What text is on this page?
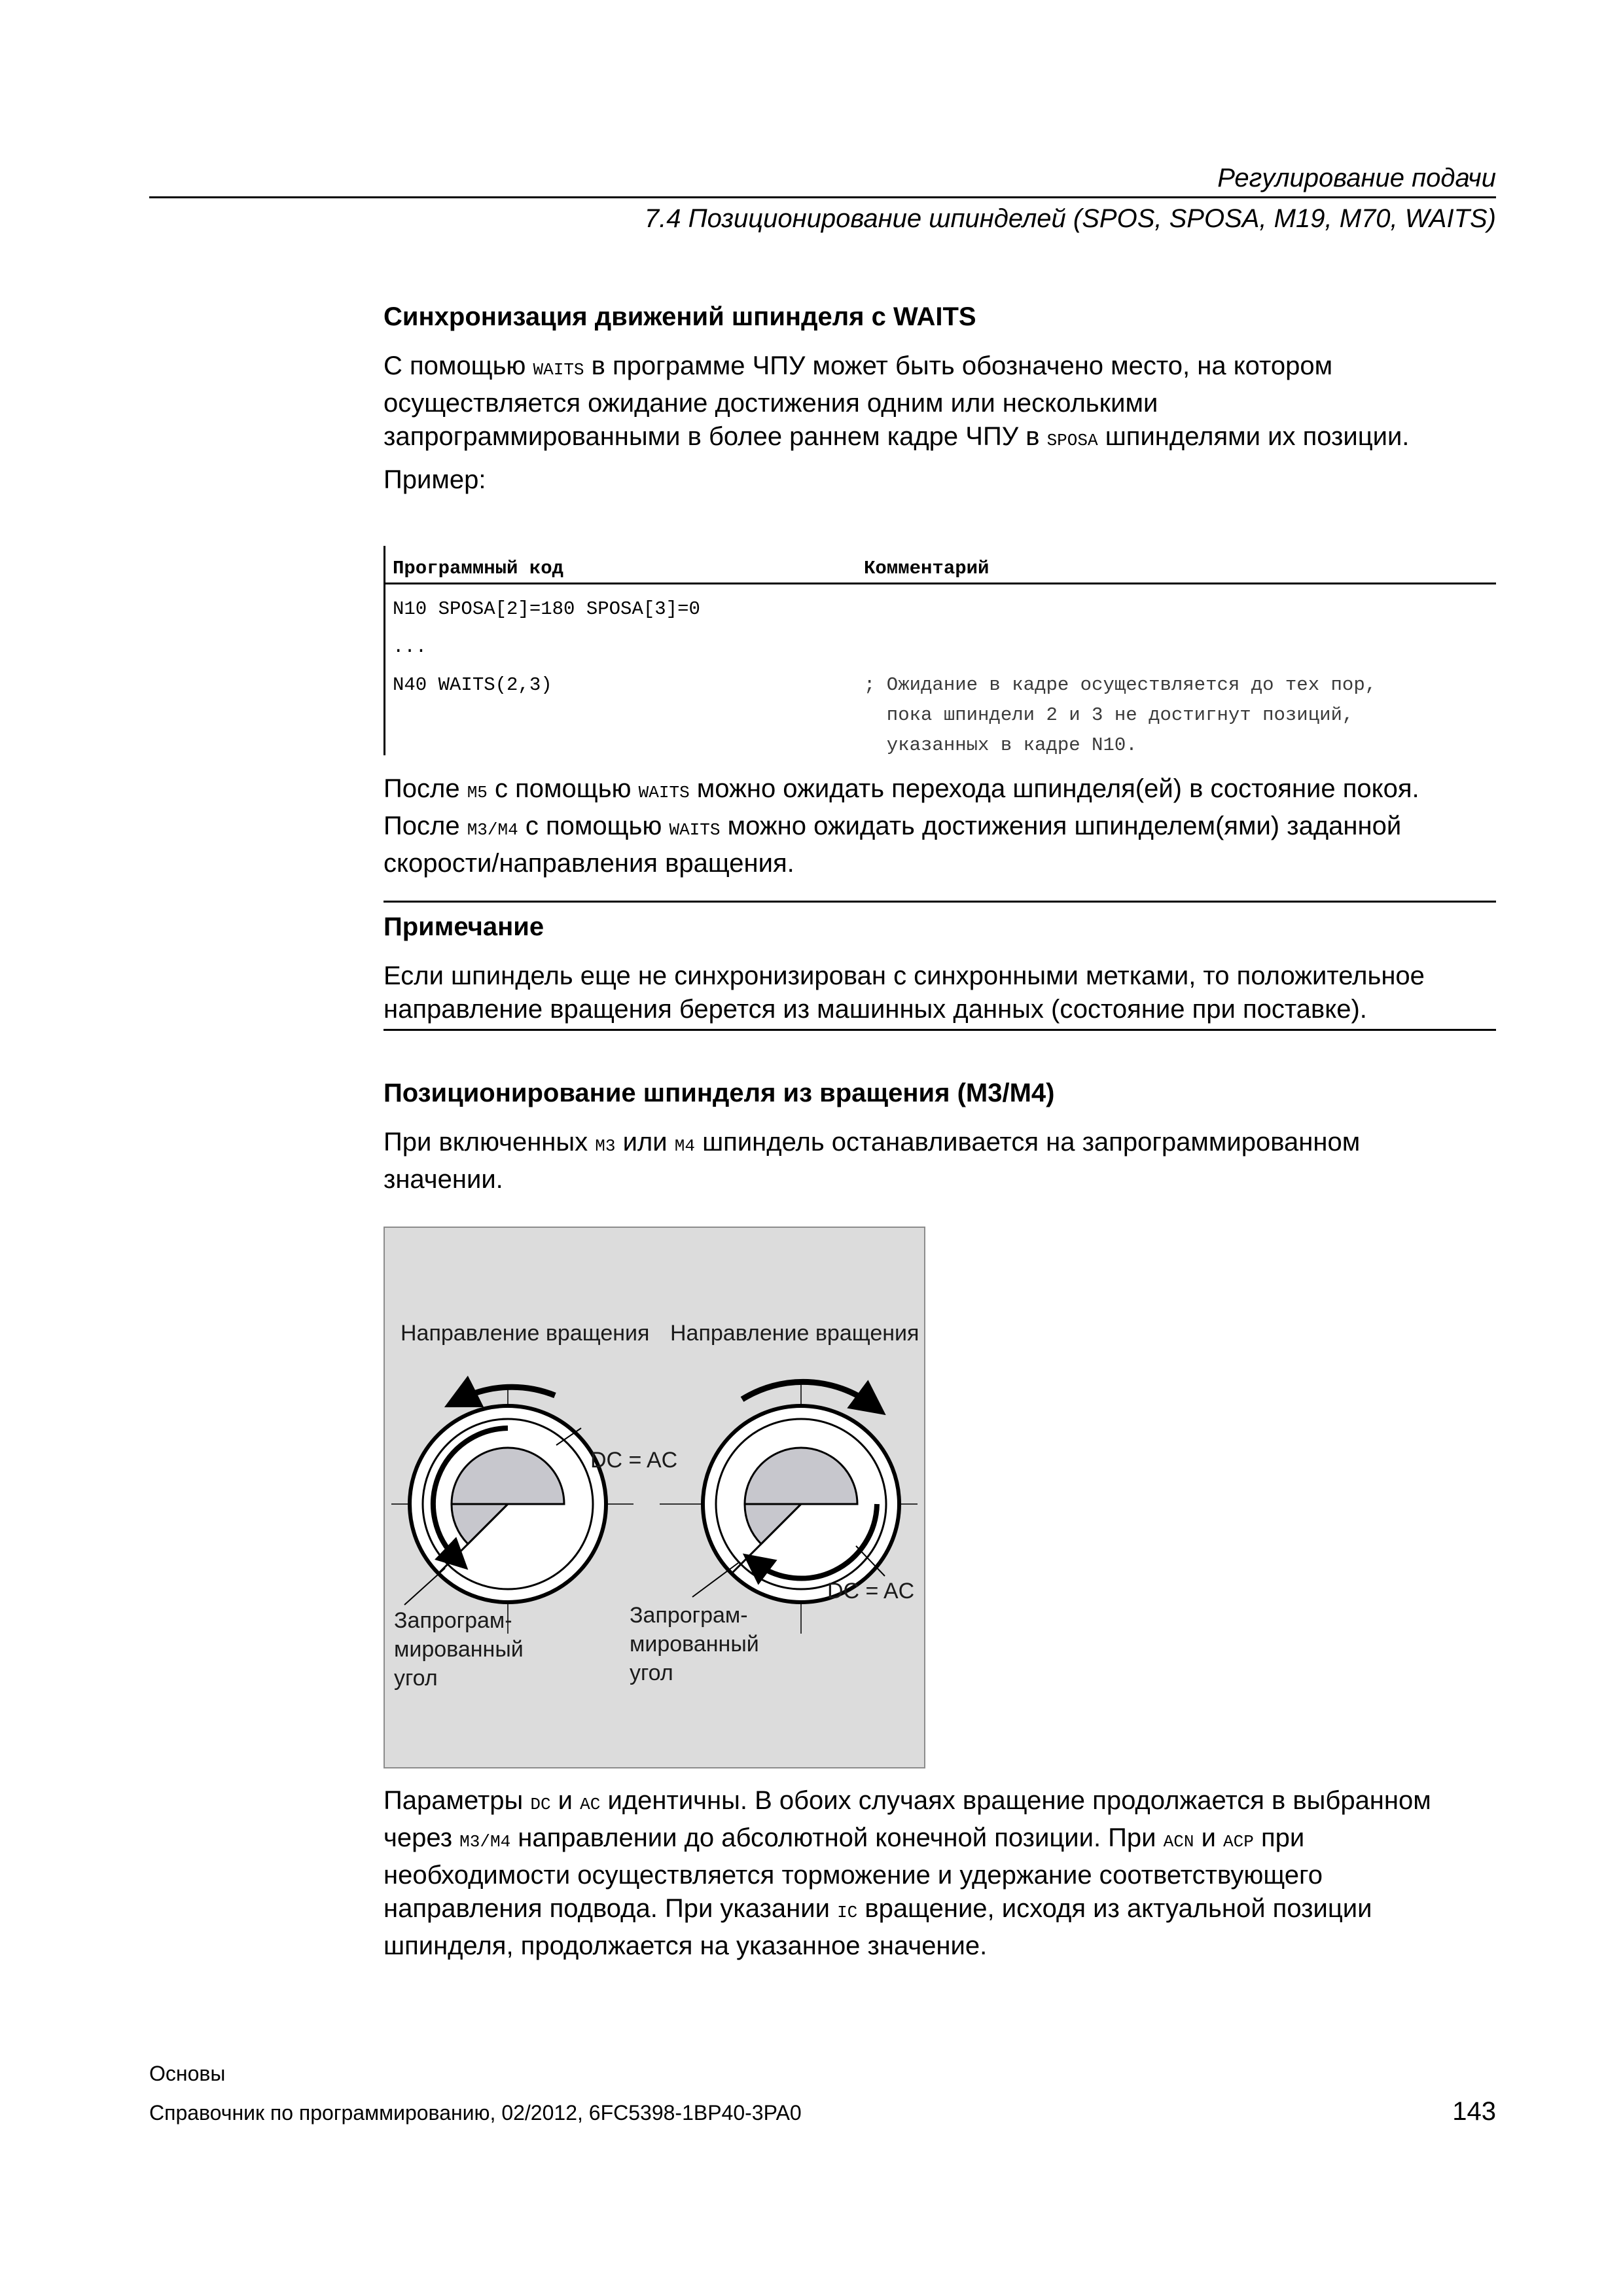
Регулирование подачи
7.4 Позиционирование шпинделей (SPOS, SPOSA, M19, M70, WAITS)
Синхронизация движений шпинделя с WAITS
С помощью WAITS в программе ЧПУ может быть обозначено место, на котором
осуществляется ожидание достижения одним или несколькими
запрограммированными в более раннем кадре ЧПУ в SPOSA шпинделями их позиции.
Пример:
Программный код	Комментарий
N10 SPOSA[2]=180 SPOSA[3]=0
...
N40 WAITS(2,3)	; Ожидание в кадре осуществляется до тех пор,
пока шпиндели 2 и 3 не достигнут позиций,
указанных в кадре N10.
После M5 с помощью WAITS можно ожидать перехода шпинделя(ей) в состояние покоя.
После M3/M4 с помощью WAITS можно ожидать достижения шпинделем(ями) заданной
скорости/направления вращения.
Примечание
Если шпиндель еще не синхронизирован с синхронными метками, то положительное
направление вращения берется из машинных данных (состояние при поставке).
Позиционирование шпинделя из вращения (M3/M4)
При включенных M3 или M4 шпиндель останавливается на запрограммированном
значении.
Направление вращения Направление вращения
DC = AC
DC = AC
Запрограм-
мированный
угол
Запрограм-
мированный
угол
Параметры DC и AC идентичны. В обоих случаях вращение продолжается в выбранном
через M3/M4 направлении до абсолютной конечной позиции. При ACN и ACP при
необходимости осуществляется торможение и удержание соответствующего
направления подвода. При указании IC вращение, исходя из актуальной позиции
шпинделя, продолжается на указанное значение.
Основы
Справочник по программированию, 02/2012, 6FC5398-1BP40-3PA0	143
